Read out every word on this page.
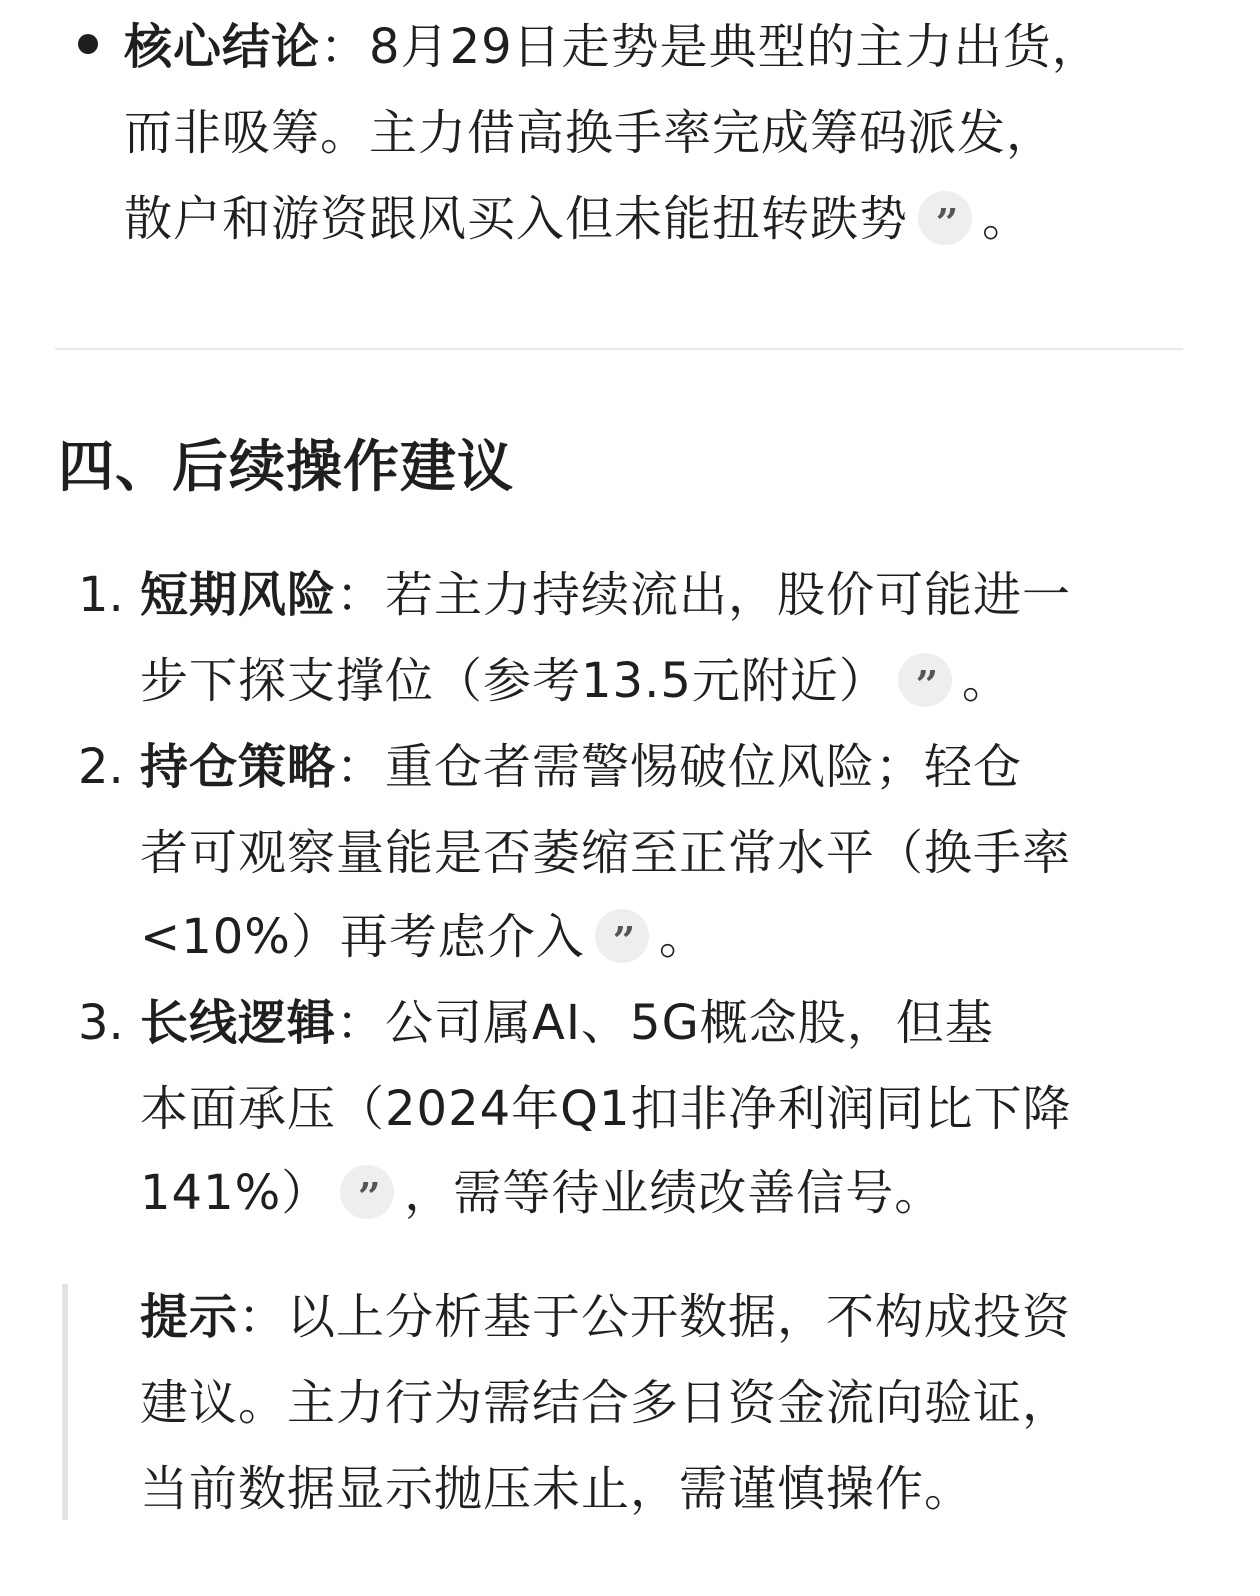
核心结论：8月29日走势是典型的主力出货，
而非吸筹。主力借高换手率完成筹码派发，
散户和游资跟风买入但未能扭转跌势 ’’ 。
四、后续操作建议
1. 短期风险：若主力持续流出，股价可能进一
步下探支撑位（参考13.5元附近） ’’ 。
2. 持仓策略：重仓者需警惕破位风险；轻仓
者可观察量能是否萎缩至正常水平（换手率
<10%）再考虑介入 ’’ 。
3. 长线逻辑：公司属AI、5G概念股，但基
本面承压（2024年Q1扣非净利润同比下降
141%） ’’ ，需等待业绩改善信号。
提示：以上分析基于公开数据，不构成投资
建议。主力行为需结合多日资金流向验证，
当前数据显示抛压未止，需谨慎操作。
